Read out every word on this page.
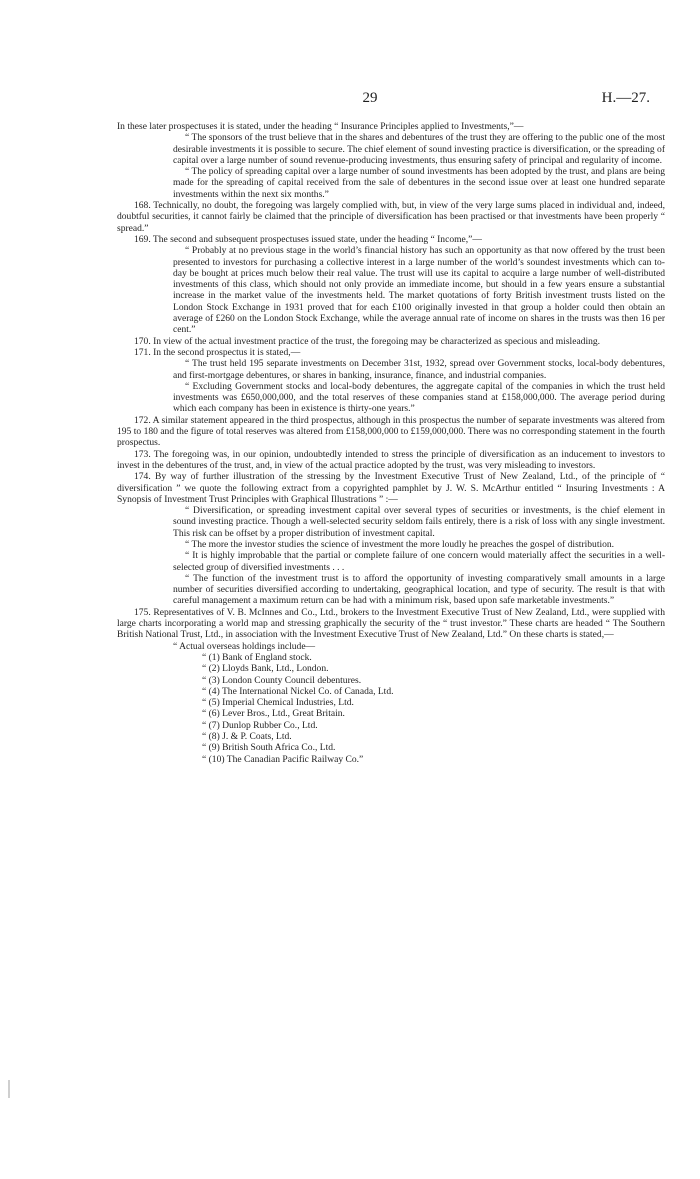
29	H.—27.

In these later prospectuses it is stated, under the heading “ Insurance Principles applied to Investments,”—

“ The sponsors of the trust believe that in the shares and debentures of the trust they are offering to the public one of the most desirable investments it is possible to secure. The chief element of sound investing practice is diversification, or the spreading of capital over a large number of sound revenue-producing investments, thus ensuring safety of principal and regularity of income.

“ The policy of spreading capital over a large number of sound investments has been adopted by the trust, and plans are being made for the spreading of capital received from the sale of debentures in the second issue over at least one hundred separate investments within the next six months.”

168. Technically, no doubt, the foregoing was largely complied with, but, in view of the very large sums placed in individual and, indeed, doubtful securities, it cannot fairly be claimed that the principle of diversification has been practised or that investments have been properly “ spread.”

169. The second and subsequent prospectuses issued state, under the heading “ Income,”—

“ Probably at no previous stage in the world’s financial history has such an opportunity as that now offered by the trust been presented to investors for purchasing a collective interest in a large number of the world’s soundest investments which can to-day be bought at prices much below their real value. The trust will use its capital to acquire a large number of well-distributed investments of this class, which should not only provide an immediate income, but should in a few years ensure a substantial increase in the market value of the investments held. The market quotations of forty British investment trusts listed on the London Stock Exchange in 1931 proved that for each £100 originally invested in that group a holder could then obtain an average of £260 on the London Stock Exchange, while the average annual rate of income on shares in the trusts was then 16 per cent.”

170. In view of the actual investment practice of the trust, the foregoing may be characterized as specious and misleading.

171. In the second prospectus it is stated,—

“ The trust held 195 separate investments on December 31st, 1932, spread over Government stocks, local-body debentures, and first-mortgage debentures, or shares in banking, insurance, finance, and industrial companies.

“ Excluding Government stocks and local-body debentures, the aggregate capital of the companies in which the trust held investments was £650,000,000, and the total reserves of these companies stand at £158,000,000. The average period during which each company has been in existence is thirty-one years.”

172. A similar statement appeared in the third prospectus, although in this prospectus the number of separate investments was altered from 195 to 180 and the figure of total reserves was altered from £158,000,000 to £159,000,000. There was no corresponding statement in the fourth prospectus.

173. The foregoing was, in our opinion, undoubtedly intended to stress the principle of diversification as an inducement to investors to invest in the debentures of the trust, and, in view of the actual practice adopted by the trust, was very misleading to investors.

174. By way of further illustration of the stressing by the Investment Executive Trust of New Zealand, Ltd., of the principle of “ diversification ” we quote the following extract from a copyrighted pamphlet by J. W. S. McArthur entitled “ Insuring Investments : A Synopsis of Investment Trust Principles with Graphical Illustrations ” :—

“ Diversification, or spreading investment capital over several types of securities or investments, is the chief element in sound investing practice. Though a well-selected security seldom fails entirely, there is a risk of loss with any single investment. This risk can be offset by a proper distribution of investment capital.

“ The more the investor studies the science of investment the more loudly he preaches the gospel of distribution.

“ It is highly improbable that the partial or complete failure of one concern would materially affect the securities in a well-selected group of diversified investments . . .

“ The function of the investment trust is to afford the opportunity of investing comparatively small amounts in a large number of securities diversified according to undertaking, geographical location, and type of security. The result is that with careful management a maximum return can be had with a minimum risk, based upon safe marketable investments.”

175. Representatives of V. B. McInnes and Co., Ltd., brokers to the Investment Executive Trust of New Zealand, Ltd., were supplied with large charts incorporating a world map and stressing graphically the security of the “ trust investor.” These charts are headed “ The Southern British National Trust, Ltd., in association with the Investment Executive Trust of New Zealand, Ltd.” On these charts is stated,—

“ Actual overseas holdings include—
“ (1) Bank of England stock.
“ (2) Lloyds Bank, Ltd., London.
“ (3) London County Council debentures.
“ (4) The International Nickel Co. of Canada, Ltd.
“ (5) Imperial Chemical Industries, Ltd.
“ (6) Lever Bros., Ltd., Great Britain.
“ (7) Dunlop Rubber Co., Ltd.
“ (8) J. & P. Coats, Ltd.
“ (9) British South Africa Co., Ltd.
“ (10) The Canadian Pacific Railway Co.”
